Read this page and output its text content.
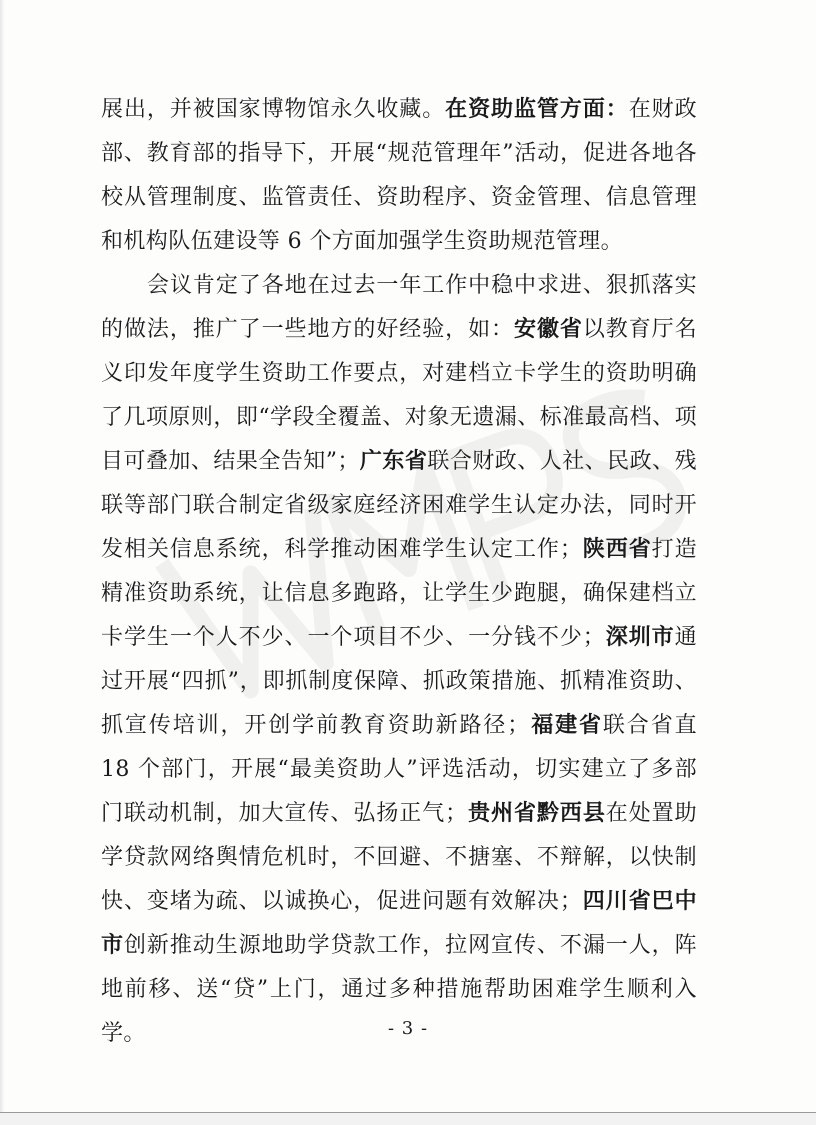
展出，并被国家博物馆永久收藏。在资助监管方面：在财政部、教育部的指导下，开展“规范管理年”活动，促进各地各校从管理制度、监管责任、资助程序、资金管理、信息管理和机构队伍建设等 6 个方面加强学生资助规范管理。

会议肯定了各地在过去一年工作中稳中求进、狠抓落实的做法，推广了一些地方的好经验，如：安徽省以教育厅名义印发年度学生资助工作要点，对建档立卡学生的资助明确了几项原则，即“学段全覆盖、对象无遗漏、标准最高档、项目可叠加、结果全告知”；广东省联合财政、人社、民政、残联等部门联合制定省级家庭经济困难学生认定办法，同时开发相关信息系统，科学推动困难学生认定工作；陕西省打造精准资助系统，让信息多跑路，让学生少跑腿，确保建档立卡学生一个人不少、一个项目不少、一分钱不少；深圳市通过开展“四抓”，即抓制度保障、抓政策措施、抓精准资助、抓宣传培训，开创学前教育资助新路径；福建省联合省直 18 个部门，开展“最美资助人”评选活动，切实建立了多部门联动机制，加大宣传、弘扬正气；贵州省黔西县在处置助学贷款网络舆情危机时，不回避、不搪塞、不辩解，以快制快、变堵为疏、以诚换心，促进问题有效解决；四川省巴中市创新推动生源地助学贷款工作，拉网宣传、不漏一人，阵地前移、送“贷”上门，通过多种措施帮助困难学生顺利入学。	- 3 -
